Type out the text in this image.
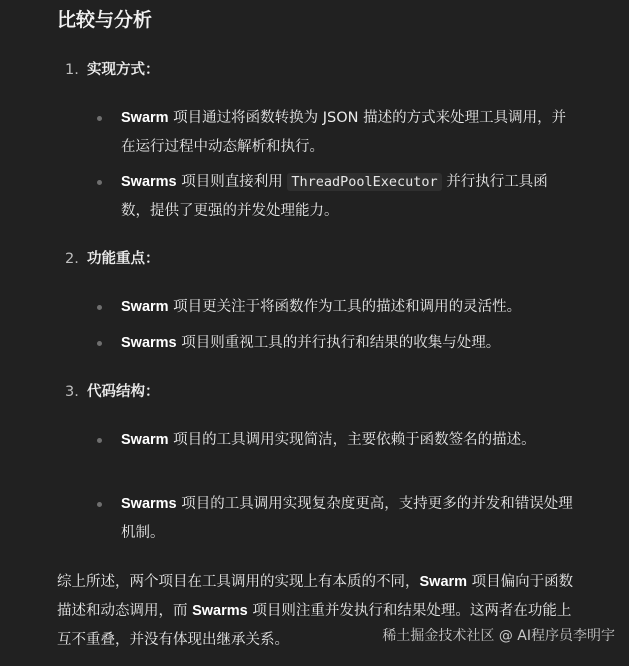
比较与分析
1. 实现方式：
Swarm 项目通过将函数转换为 JSON 描述的方式来处理工具调用，并在运行过程中动态解析和执行。
Swarms 项目则直接利用 ThreadPoolExecutor 并行执行工具函数，提供了更强的并发处理能力。
2. 功能重点：
Swarm 项目更关注于将函数作为工具的描述和调用的灵活性。
Swarms 项目则重视工具的并行执行和结果的收集与处理。
3. 代码结构：
Swarm 项目的工具调用实现简洁，主要依赖于函数签名的描述。
Swarms 项目的工具调用实现复杂度更高，支持更多的并发和错误处理机制。
综上所述，两个项目在工具调用的实现上有本质的不同，Swarm 项目偏向于函数描述和动态调用，而 Swarms 项目则注重并发执行和结果处理。这两者在功能上互不重叠，并没有体现出继承关系。	稀土掘金技术社区 @ AI程序员李明宇
